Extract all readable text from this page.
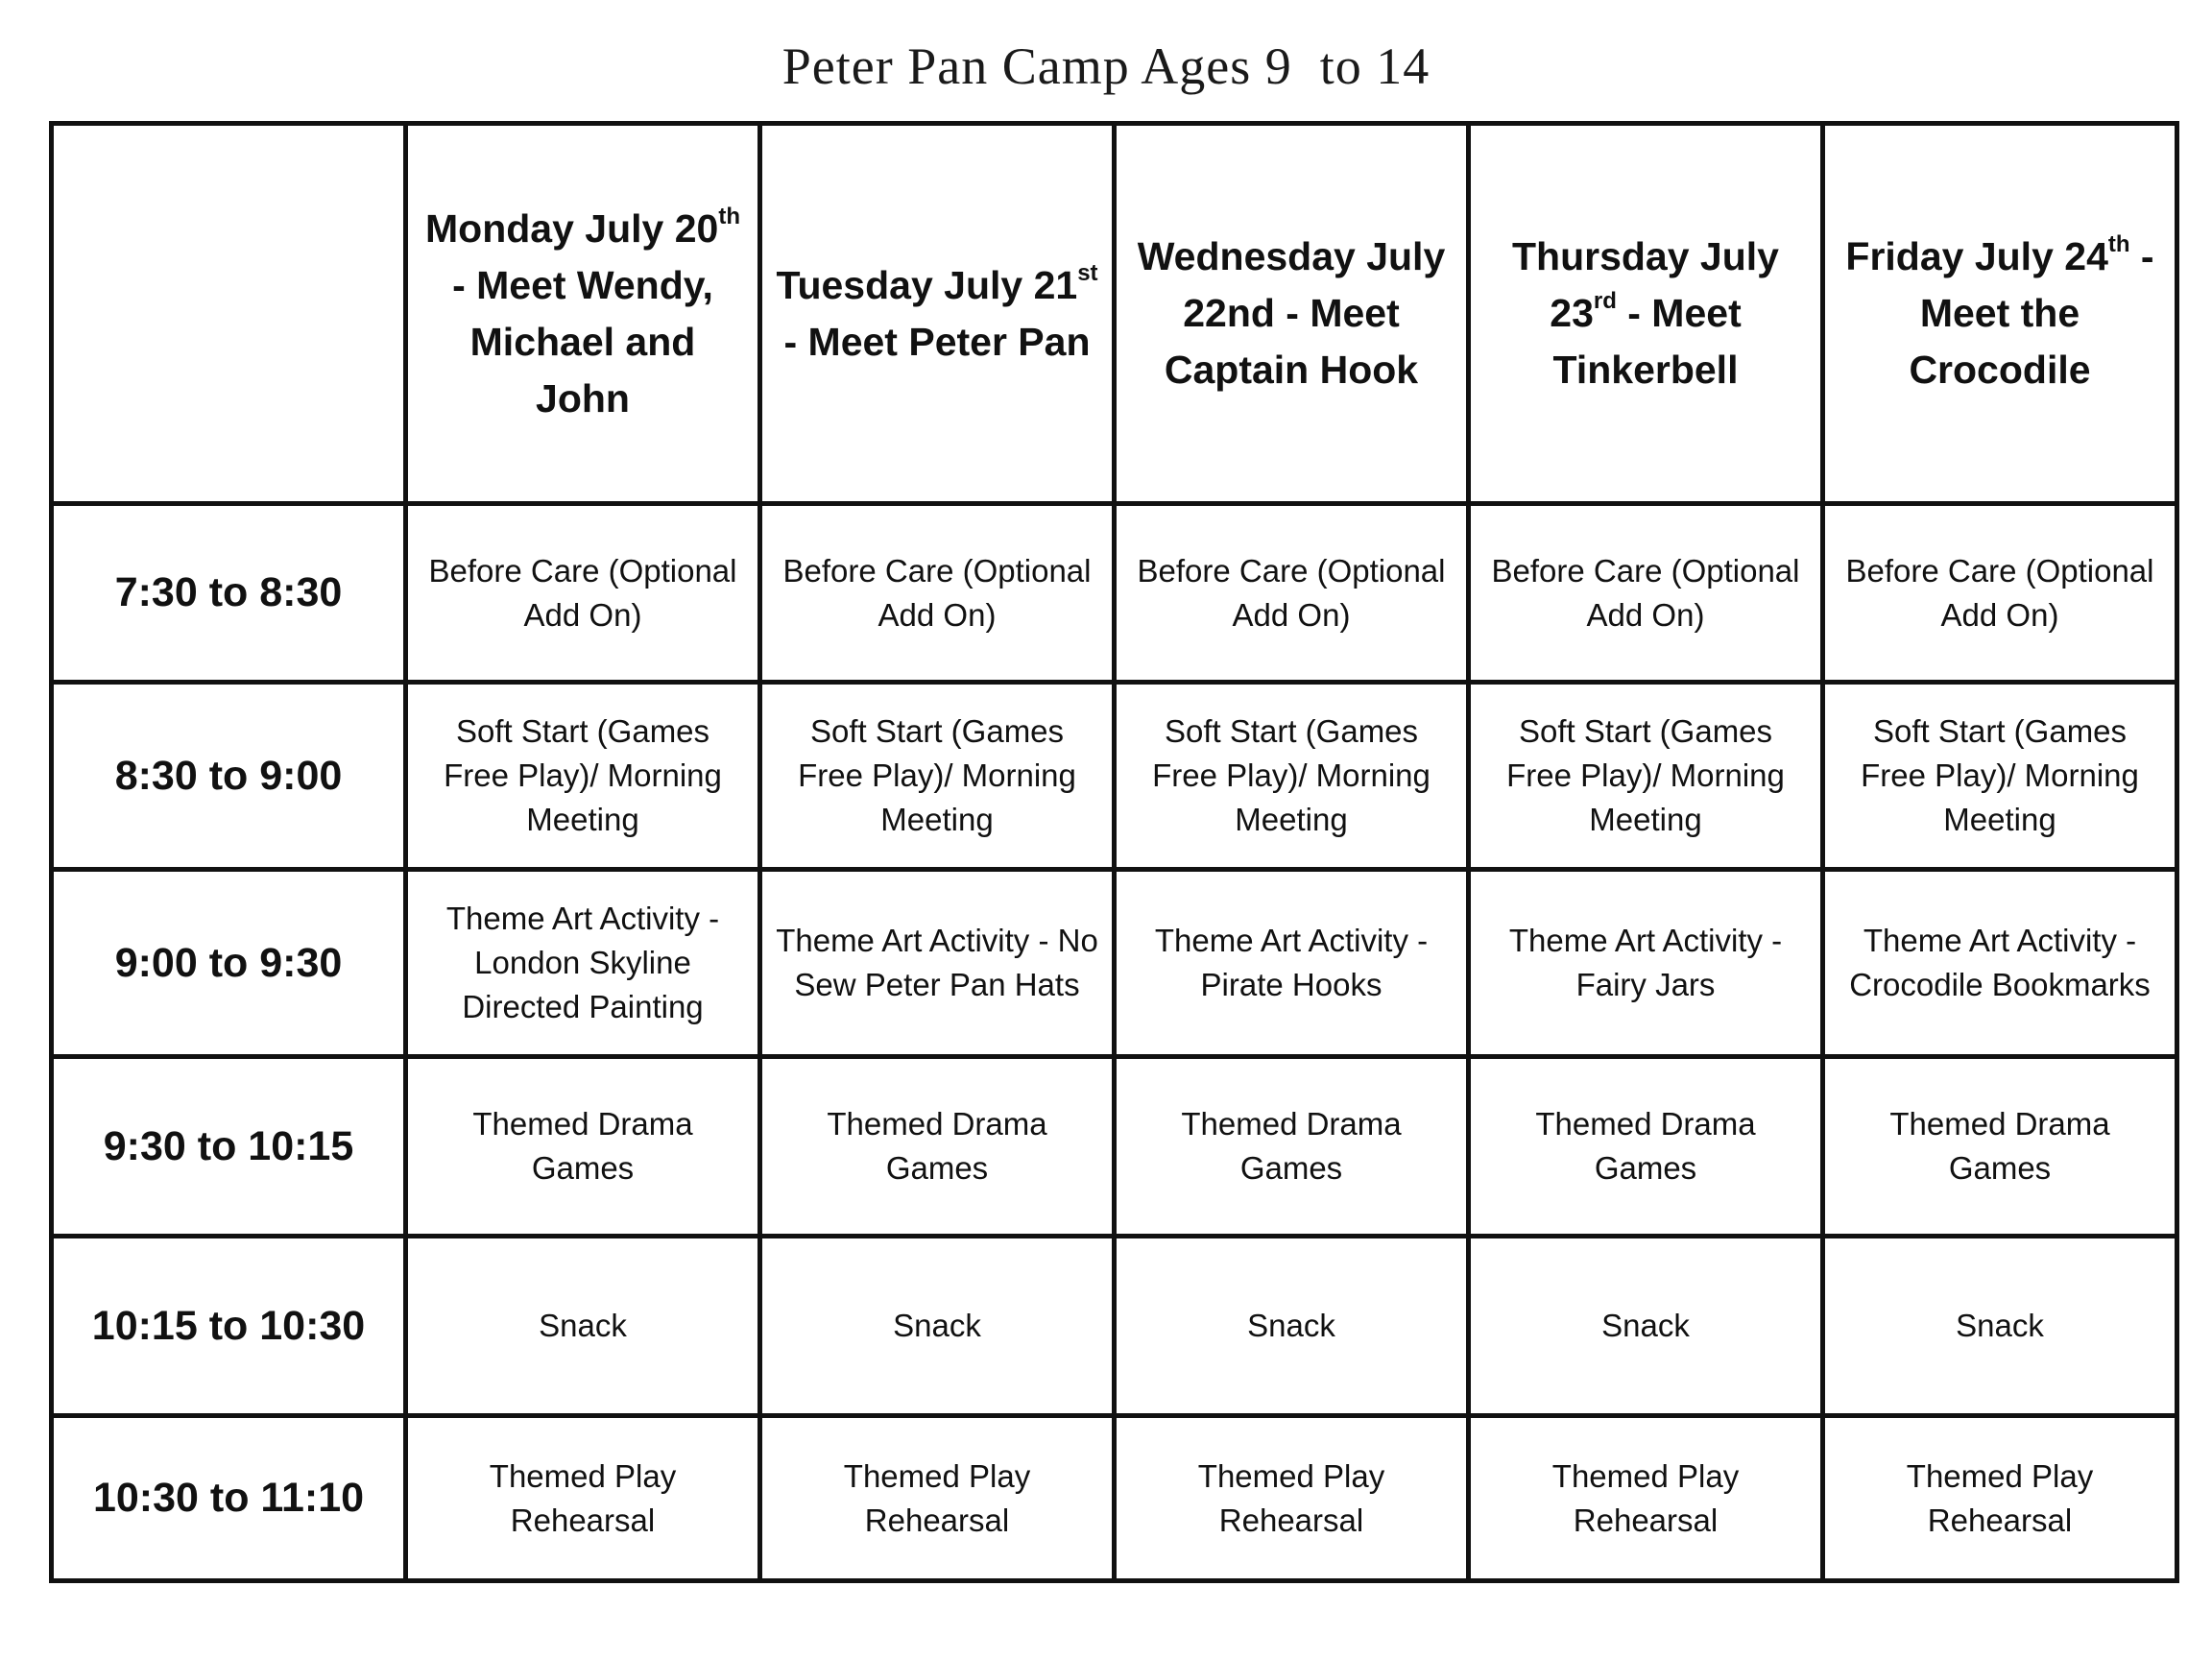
Peter Pan Camp Ages 9  to 14
	Monday July 20th - Meet Wendy, Michael and John	Tuesday July 21st - Meet Peter Pan	Wednesday July 22nd - Meet Captain Hook	Thursday July 23rd - Meet Tinkerbell	Friday July 24th -Meet the Crocodile
7:30 to 8:30	Before Care (Optional Add On)	Before Care (Optional Add On)	Before Care (Optional Add On)	Before Care (Optional Add On)	Before Care (Optional Add On)
8:30 to 9:00	Soft Start (Games Free Play)/ Morning Meeting	Soft Start (Games Free Play)/ Morning Meeting	Soft Start (Games Free Play)/ Morning Meeting	Soft Start (Games Free Play)/ Morning Meeting	Soft Start (Games Free Play)/ Morning Meeting
9:00 to 9:30	Theme Art Activity - London Skyline Directed Painting	Theme Art Activity - No Sew Peter Pan Hats	Theme Art Activity - Pirate Hooks	Theme Art Activity - Fairy Jars	Theme Art Activity - Crocodile Bookmarks
9:30 to 10:15	Themed Drama Games	Themed Drama Games	Themed Drama Games	Themed Drama Games	Themed Drama Games
10:15 to 10:30	Snack	Snack	Snack	Snack	Snack
10:30 to 11:10	Themed Play Rehearsal	Themed Play Rehearsal	Themed Play Rehearsal	Themed Play Rehearsal	Themed Play Rehearsal
